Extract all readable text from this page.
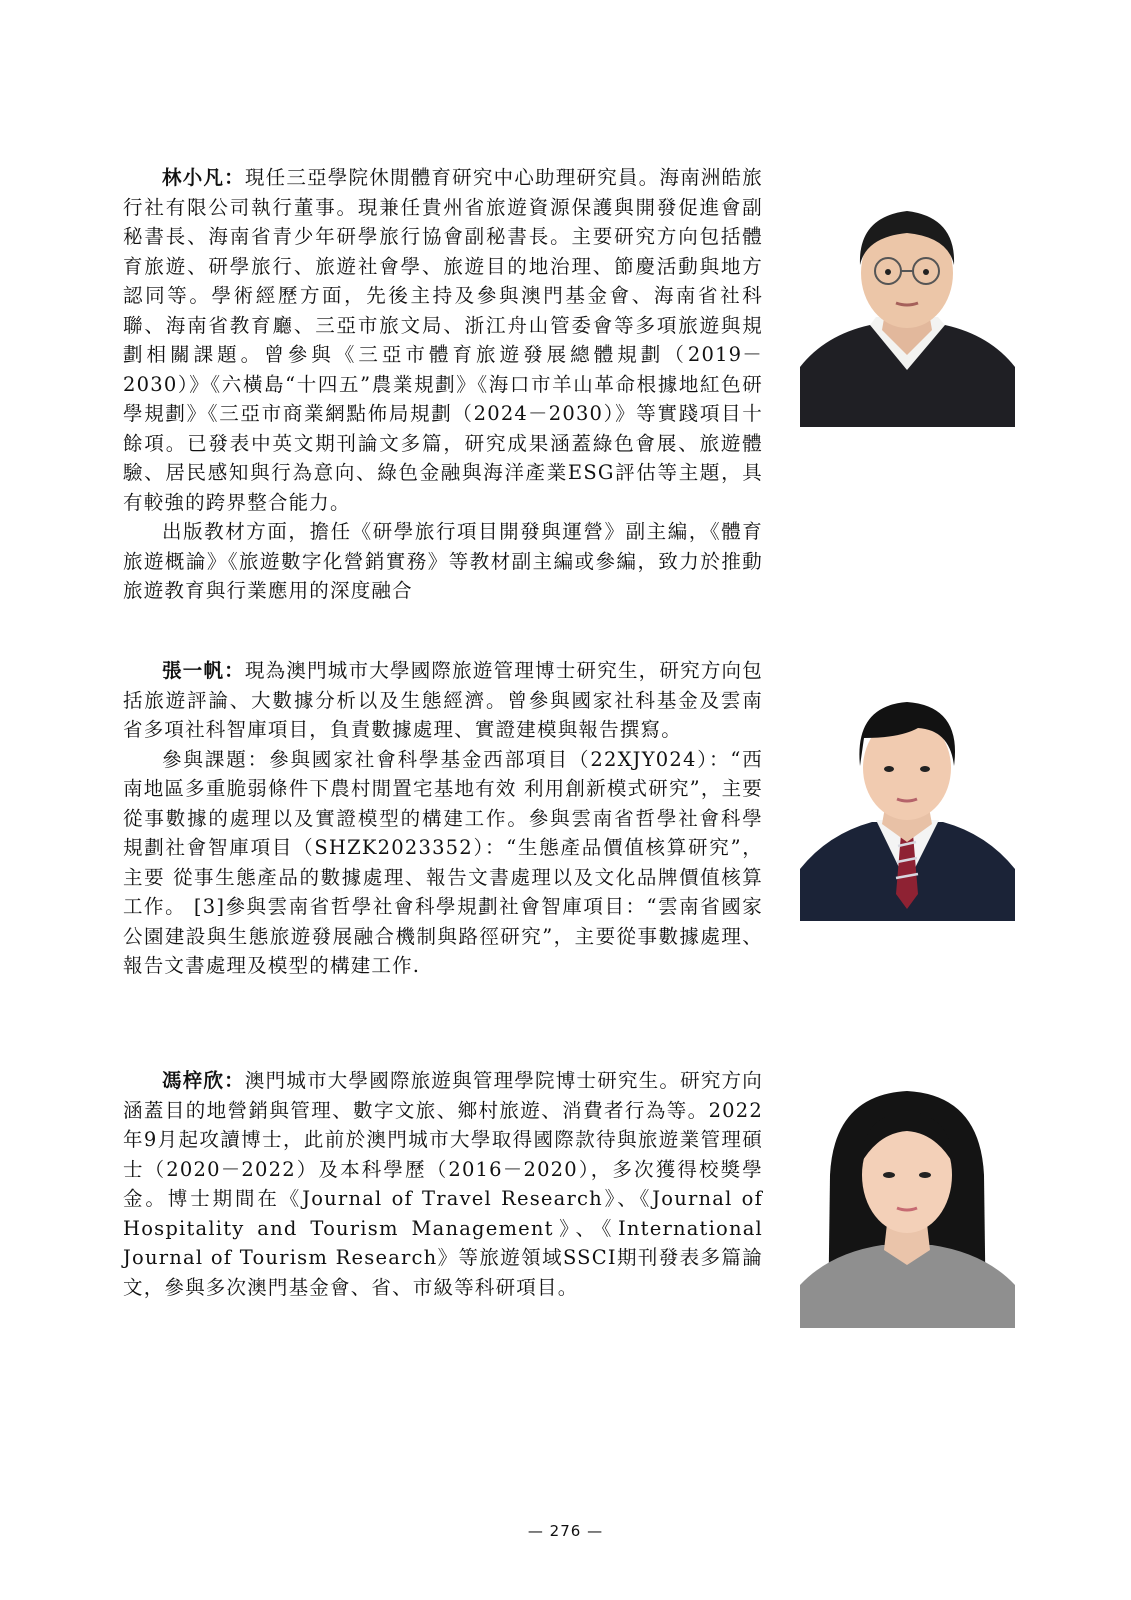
林小凡：現任三亞學院休閒體育研究中心助理研究員。海南洲皓旅行社有限公司執行董事。現兼任貴州省旅遊資源保護與開發促進會副秘書長、海南省青少年研學旅行協會副秘書長。主要研究方向包括體育旅遊、研學旅行、旅遊社會學、旅遊目的地治理、節慶活動與地方認同等。學術經歷方面，先後主持及參與澳門基金會、海南省社科聯、海南省教育廳、三亞市旅文局、浙江舟山管委會等多項旅遊與規劃相關課題。曾參與《三亞市體育旅遊發展總體規劃（2019－2030）》《六橫島“十四五”農業規劃》《海口市羊山革命根據地紅色研學規劃》《三亞市商業網點佈局規劃（2024－2030）》等實踐項目十餘項。已發表中英文期刊論文多篇，研究成果涵蓋綠色會展、旅遊體驗、居民感知與行為意向、綠色金融與海洋產業ESG評估等主題，具有較強的跨界整合能力。

出版教材方面，擔任《研學旅行項目開發與運營》副主編，《體育旅遊概論》《旅遊數字化營銷實務》等教材副主編或參編，致力於推動旅遊教育與行業應用的深度融合

張一帆：現為澳門城市大學國際旅遊管理博士研究生，研究方向包括旅遊評論、大數據分析以及生態經濟。曾參與國家社科基金及雲南省多項社科智庫項目，負責數據處理、實證建模與報告撰寫。

參與課題：參與國家社會科學基金西部項目（22XJY024）：“西南地區多重脆弱條件下農村閒置宅基地有效 利用創新模式研究”，主要從事數據的處理以及實證模型的構建工作。參與雲南省哲學社會科學規劃社會智庫項目（SHZK2023352）：“生態產品價值核算研究”，主要 從事生態產品的數據處理、報告文書處理以及文化品牌價值核算工作。 [3]參與雲南省哲學社會科學規劃社會智庫項目：“雲南省國家公園建設與生態旅遊發展融合機制與路徑研究”，主要從事數據處理、報告文書處理及模型的構建工作.

馮梓欣：澳門城市大學國際旅遊與管理學院博士研究生。研究方向涵蓋目的地營銷與管理、數字文旅、鄉村旅遊、消費者行為等。2022年9月起攻讀博士，此前於澳門城市大學取得國際款待與旅遊業管理碩士（2020－2022）及本科學歷（2016－2020），多次獲得校獎學金。博士期間在《Journal of Travel Research》、《Journal of Hospitality and Tourism Management》、《International Journal of Tourism Research》等旅遊領域SSCI期刊發表多篇論文，參與多次澳門基金會、省、市級等科研項目。

— 276 —
